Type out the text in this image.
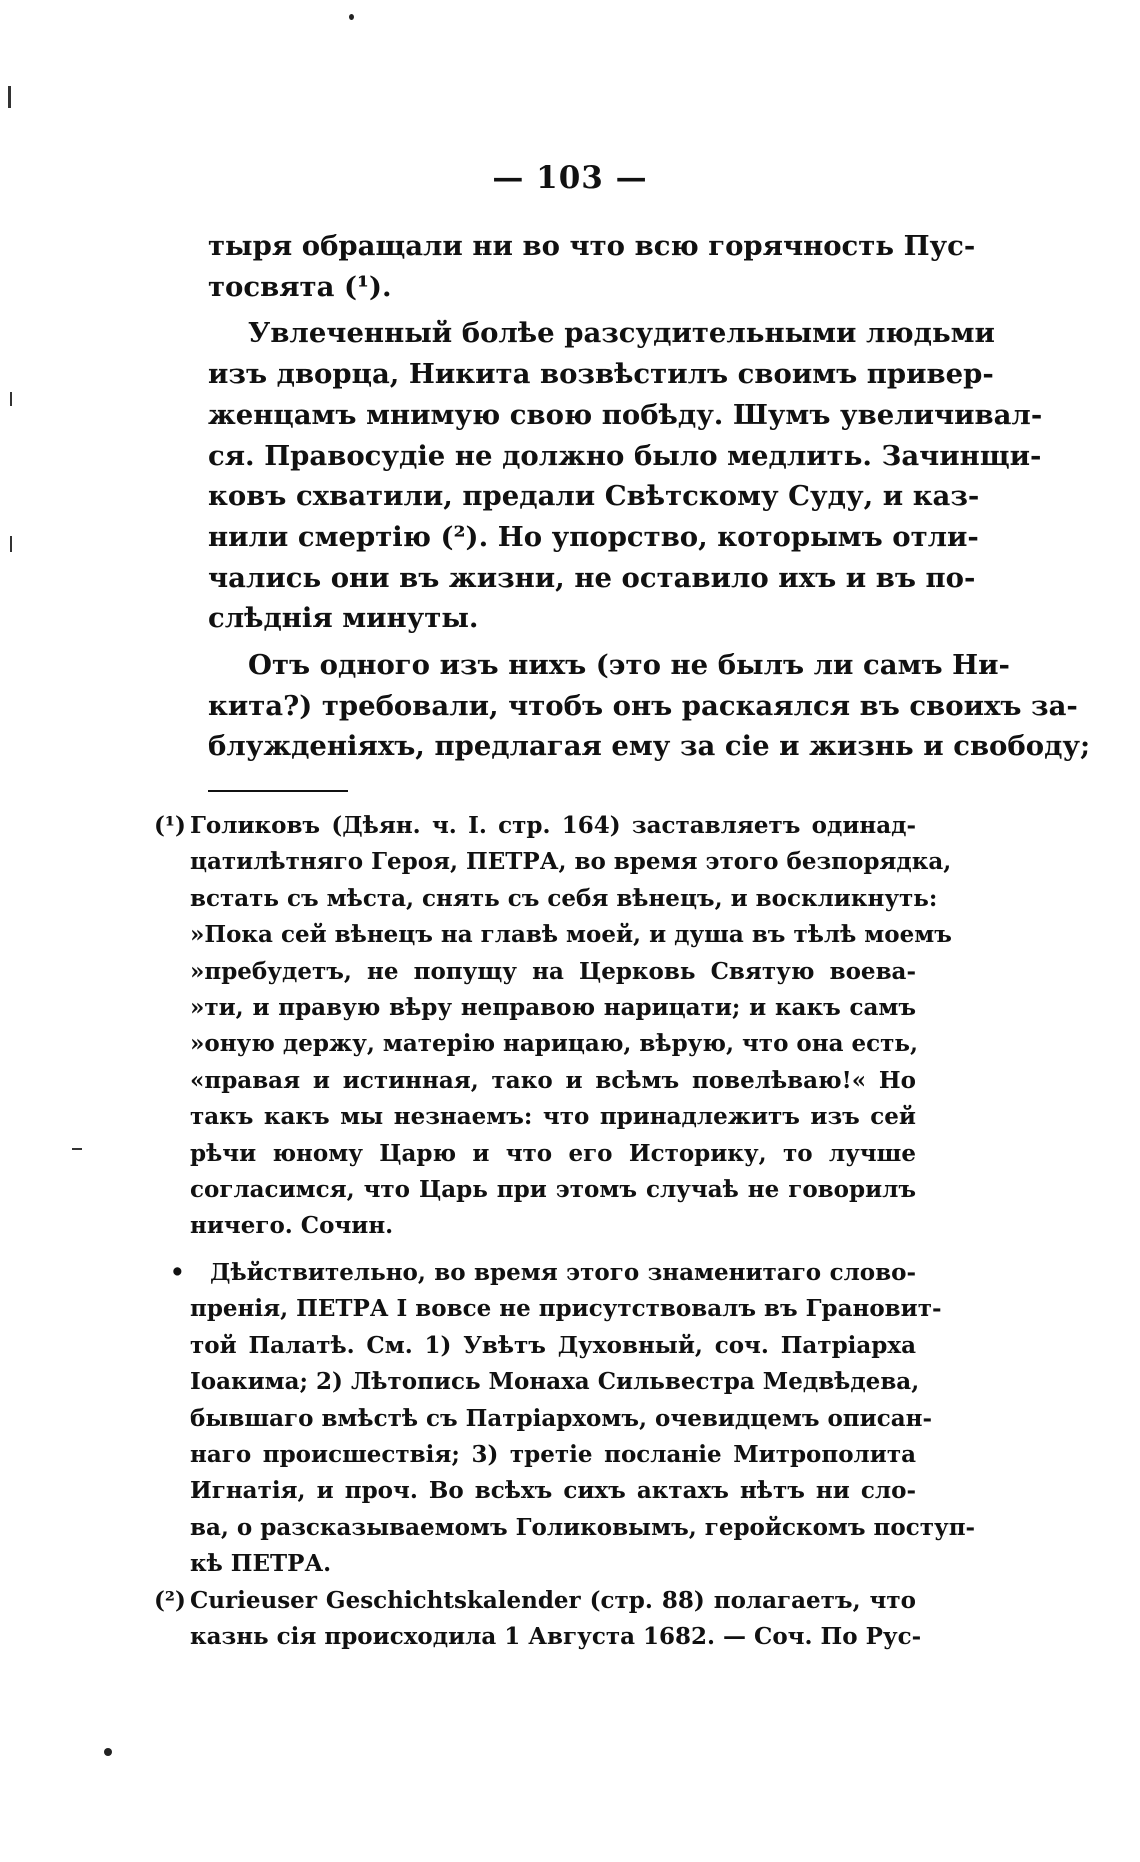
— 103 —
тыря обращали ни во что всю горячность Пус-
тосвята (¹).
Увлеченный болѣе разсудительными людьми
изъ дворца, Никита возвѣстилъ своимъ привер-
женцамъ мнимую свою побѣду. Шумъ увеличивал-
ся. Правосудіе не должно было медлить. Зачинщи-
ковъ схватили, предали Свѣтскому Суду, и каз-
нили смертію (²). Но упорство, которымъ отли-
чались они въ жизни, не оставило ихъ и въ по-
слѣднія минуты.
Отъ одного изъ нихъ (это не былъ ли самъ Ни-
кита?) требовали, чтобъ онъ раскаялся въ своихъ за-
блужденіяхъ, предлагая ему за сіе и жизнь и свободу;
(¹) Голиковъ (Дѣян. ч. I. стр. 164) заставляетъ одинад-
цатилѣтняго Героя, ПЕТРА, во время этого безпорядка,
встать съ мѣста, снять съ себя вѣнецъ, и воскликнуть:
»Пока сей вѣнецъ на главѣ моей, и душа въ тѣлѣ моемъ
»пребудетъ, не попущу на Церковь Святую воева-
»ти, и правую вѣру неправою нарицати; и какъ самъ
»оную держу, матерію нарицаю, вѣрую, что она есть,
«правая и истинная, тако и всѣмъ повелѣваю!« Но
такъ какъ мы незнаемъ: что принадлежитъ изъ сей
рѣчи юному Царю и что его Историку, то лучше
согласимся, что Царь при этомъ случаѣ не говорилъ
ничего. Сочин.
•	Дѣйствительно, во время этого знаменитаго слово-
пренія, ПЕТРА I вовсе не присутствовалъ въ Грановит-
той Палатѣ. См. 1) Увѣтъ Духовный, соч. Патріарха
Іоакима; 2) Лѣтопись Монаха Сильвестра Медвѣдева,
бывшаго вмѣстѣ съ Патріархомъ, очевидцемъ описан-
наго происшествія; 3) третіе посланіе Митрополита
Игнатія, и проч. Во всѣхъ сихъ актахъ нѣтъ ни сло-
ва, о разсказываемомъ Голиковымъ, геройскомъ поступ-
кѣ ПЕТРА.
(²) Curieuser Geschichtskalender (стр. 88) полагаетъ, что
казнь сія происходила 1 Августа 1682. — Соч. По Рус-
